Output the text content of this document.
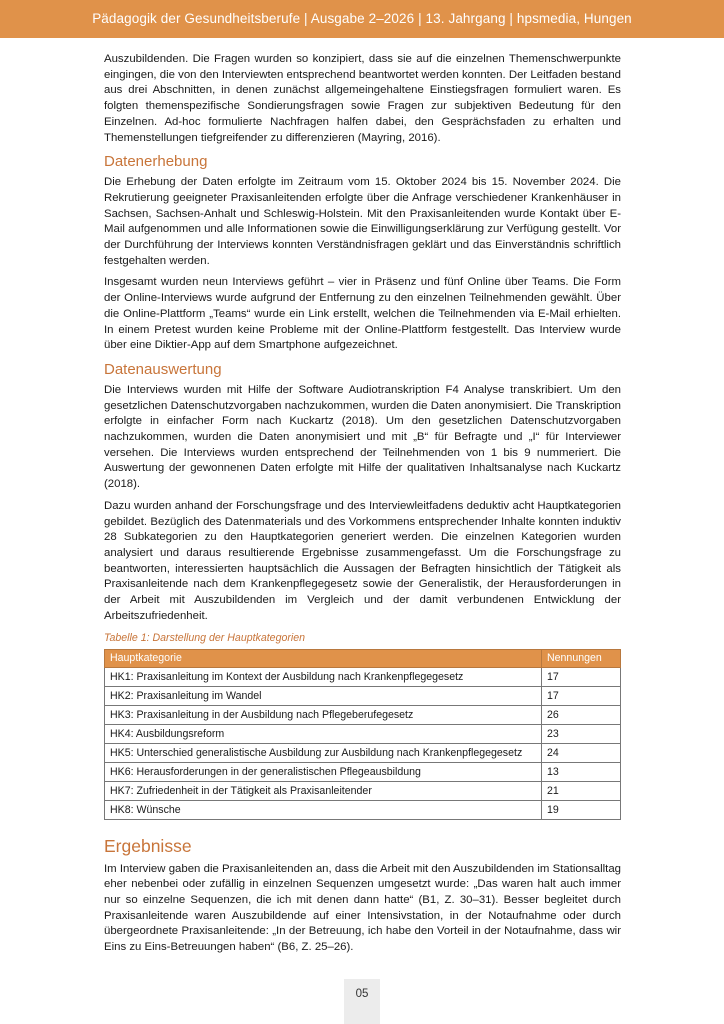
Pädagogik der Gesundheitsberufe | Ausgabe 2–2026 | 13. Jahrgang | hpsmedia, Hungen

Auszubildenden. Die Fragen wurden so konzipiert, dass sie auf die einzelnen Themenschwerpunkte eingingen, die von den Interviewten entsprechend beantwortet werden konnten. Der Leitfaden bestand aus drei Abschnitten, in denen zunächst allgemeingehaltene Einstiegsfragen formuliert waren. Es folgten themenspezifische Sondierungsfragen sowie Fragen zur subjektiven Bedeutung für den Einzelnen. Ad-hoc formulierte Nachfragen halfen dabei, den Gesprächsfaden zu erhalten und Themenstellungen tiefgreifender zu differenzieren (Mayring, 2016).

Datenerhebung

Die Erhebung der Daten erfolgte im Zeitraum vom 15. Oktober 2024 bis 15. November 2024. Die Rekrutierung geeigneter Praxisanleitenden erfolgte über die Anfrage verschiedener Krankenhäuser in Sachsen, Sachsen-Anhalt und Schleswig-Holstein. Mit den Praxisanleitenden wurde Kontakt über E-Mail aufgenommen und alle Informationen sowie die Einwilligungserklärung zur Verfügung gestellt. Vor der Durchführung der Interviews konnten Verständnisfragen geklärt und das Einverständnis schriftlich festgehalten werden.

Insgesamt wurden neun Interviews geführt – vier in Präsenz und fünf Online über Teams. Die Form der Online-Interviews wurde aufgrund der Entfernung zu den einzelnen Teilnehmenden gewählt. Über die Online-Plattform „Teams“ wurde ein Link erstellt, welchen die Teilnehmenden via E-Mail erhielten. In einem Pretest wurden keine Probleme mit der Online-Plattform festgestellt. Das Interview wurde über eine Diktier-App auf dem Smartphone aufgezeichnet.

Datenauswertung

Die Interviews wurden mit Hilfe der Software Audiotranskription F4 Analyse transkribiert. Um den gesetzlichen Datenschutzvorgaben nachzukommen, wurden die Daten anonymisiert. Die Transkription erfolgte in einfacher Form nach Kuckartz (2018). Um den gesetzlichen Datenschutzvorgaben nachzukommen, wurden die Daten anonymisiert und mit „B“ für Befragte und „I“ für Interviewer versehen. Die Interviews wurden entsprechend der Teilnehmenden von 1 bis 9 nummeriert. Die Auswertung der gewonnenen Daten erfolgte mit Hilfe der qualitativen Inhaltsanalyse nach Kuckartz (2018).

Dazu wurden anhand der Forschungsfrage und des Interviewleitfadens deduktiv acht Hauptkategorien gebildet. Bezüglich des Datenmaterials und des Vorkommens entsprechender Inhalte konnten induktiv 28 Subkategorien zu den Hauptkategorien generiert werden. Die einzelnen Kategorien wurden analysiert und daraus resultierende Ergebnisse zusammengefasst. Um die Forschungsfrage zu beantworten, interessierten hauptsächlich die Aussagen der Befragten hinsichtlich der Tätigkeit als Praxisanleitende nach dem Krankenpflegegesetz sowie der Generalistik, der Herausforderungen in der Arbeit mit Auszubildenden im Vergleich und der damit verbundenen Entwicklung der Arbeitszufriedenheit.

Tabelle 1: Darstellung der Hauptkategorien
Hauptkategorie	Nennungen
HK1: Praxisanleitung im Kontext der Ausbildung nach Krankenpflegegesetz	17
HK2: Praxisanleitung im Wandel	17
HK3: Praxisanleitung in der Ausbildung nach Pflegeberufegesetz	26
HK4: Ausbildungsreform	23
HK5: Unterschied generalistische Ausbildung zur Ausbildung nach Krankenpflegegesetz	24
HK6: Herausforderungen in der generalistischen Pflegeausbildung	13
HK7: Zufriedenheit in der Tätigkeit als Praxisanleitender	21
HK8: Wünsche	19
Ergebnisse

Im Interview gaben die Praxisanleitenden an, dass die Arbeit mit den Auszubildenden im Stationsalltag eher nebenbei oder zufällig in einzelnen Sequenzen umgesetzt wurde: „Das waren halt auch immer nur so einzelne Sequenzen, die ich mit denen dann hatte“ (B1, Z. 30–31). Besser begleitet durch Praxisanleitende waren Auszubildende auf einer Intensivstation, in der Notaufnahme oder durch übergeordnete Praxisanleitende: „In der Betreuung, ich habe den Vorteil in der Notaufnahme, dass wir Eins zu Eins-Betreuungen haben“ (B6, Z. 25–26).

05
